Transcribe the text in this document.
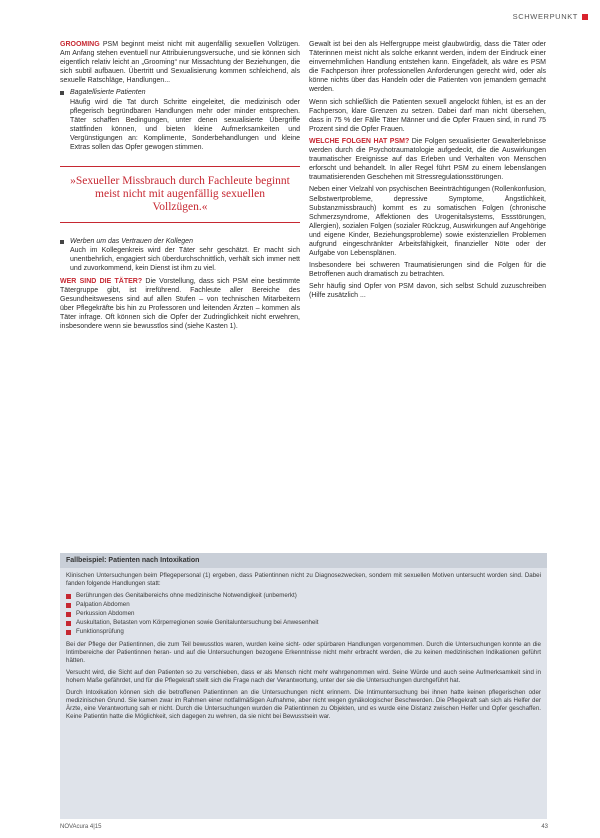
SCHWERPUNKT

GROOMING PSM beginnt meist nicht mit augenfällig sexuellen Vollzügen. Am Anfang stehen eventuell nur Attribuierungsversuche, und sie können sich eigentlich relativ leicht an „Grooming“ nur Missachtung der Beziehungen, die sich subtil aufbauen. Übertritt und Sexualisierung kommen schleichend, als sexuelle Ratschläge, Handlungen...

Bagatellisierte Patienten
Häufig wird die Tat durch Schritte eingeleitet, die medizinisch oder pflegerisch begründbaren Handlungen mehr oder minder entsprechen. Täter schaffen Bedingungen, unter denen sexualisierte Übergriffe stattfinden können, und bieten kleine Aufmerksamkeiten und Vergünstigungen an: Komplimente, Sonderbehandlungen und kleine Extras sollen das Opfer gewogen stimmen.
»Sexueller Missbrauch durch Fachleute beginnt meist nicht mit augenfällig sexuellen Vollzügen.«
Werben um das Vertrauen der Kollegen
Auch im Kollegenkreis wird der Täter sehr geschätzt. Er macht sich unentbehrlich, engagiert sich überdurchschnittlich, verhält sich immer nett und zuvorkommend, kein Dienst ist ihm zu viel.

WER SIND DIE TÄTER? Die Vorstellung, dass sich PSM eine bestimmte Tätergruppe gibt, ist irreführend. Fachleute aller Bereiche des Gesundheitswesens sind auf allen Stufen – von technischen Mitarbeitern über Pflegekräfte bis hin zu Professoren und leitenden Ärzten – kommen als Täter infrage. Oft können sich die Opfer der Zudringlichkeit nicht erwehren, insbesondere wenn sie bewusstlos sind (siehe Kasten 1).

Gewalt ist bei den als Helfergruppe meist glaubwürdig, dass die Täter oder Täterinnen meist nicht als solche erkannt werden, indem der Eindruck einer einvernehmlichen Handlung entstehen kann. Eingefädelt, als wäre es PSM die Fachperson ihrer professionellen Anforderungen gerecht wird, oder als könne nichts über das Handeln oder die Patienten von jemandem gemacht werden.

Wenn sich schließlich die Patienten sexuell angelockt fühlen, ist es an der Fachperson, klare Grenzen zu setzen. Dabei darf man nicht übersehen, dass in 75 % der Fälle Täter Männer und die Opfer Frauen sind, in rund 75 Prozent sind die Opfer Frauen.

WELCHE FOLGEN HAT PSM? Die Folgen sexualisierter Gewalterlebnisse werden durch die Psychotraumatologie aufgedeckt, die die Auswirkungen traumatischer Ereignisse auf das Erleben und Verhalten von Menschen erforscht und behandelt. In aller Regel führt PSM zu einem lebenslangen traumatisierenden Geschehen mit Stressregulationsstörungen.

Neben einer Vielzahl von psychischen Beeinträchtigungen (Rollenkonfusion, Selbstwertprobleme, depressive Symptome, Ängstlichkeit, Substanzmissbrauch) kommt es zu somatischen Folgen (chronische Schmerzsyndrome, Affektionen des Urogenitalsystems, Essstörungen, Allergien), sozialen Folgen (sozialer Rückzug, Auswirkungen auf Angehörige und eigene Kinder, Beziehungsprobleme) sowie existenziellen Problemen aufgrund eingeschränkter Arbeitsfähigkeit, finanzieller Nöte oder der Aufgabe von Lebensplänen.

Insbesondere bei schweren Traumatisierungen sind die Folgen für die Betroffenen auch dramatisch zu betrachten.

Sehr häufig sind Opfer von PSM davon, sich selbst Schuld zuzuschreiben (Hilfe zusätzlich ...

Fallbeispiel: Patienten nach Intoxikation

Klinischen Untersuchungen beim Pflegepersonal (1) ergeben, dass Patientinnen nicht zu Diagnosezwecken, sondern mit sexuellen Motiven untersucht worden sind. Dabei fanden folgende Handlungen statt:

Berührungen des Genitalbereichs ohne medizinische Notwendigkeit (unbemerkt)
Palpation Abdomen
Perkussion Abdomen
Auskultation, Betasten vom Körperregionen sowie Genitaluntersuchung bei Anwesenheit
Funktionsprüfung

Bei der Pflege der Patientinnen, die zum Teil bewusstlos waren, wurden keine sicht- oder spürbaren Handlungen vorgenommen. Durch die Untersuchungen konnte an die Intimbereiche der Patientinnen heran- und auf die Untersuchungen bezogene Erkenntnisse nicht mehr erbracht werden, die zu keinen medizinischen Indikationen geführt hätten.

Versucht wird, die Sicht auf den Patienten so zu verschieben, dass er als Mensch nicht mehr wahrgenommen wird. Seine Würde und auch seine Aufmerksamkeit sind in hohem Maße gefährdet, und für die Pflegekraft stellt sich die Frage nach der Verantwortung, unter der sie die Untersuchungen durchgeführt hat.

Durch Intoxikation können sich die betroffenen Patientinnen an die Untersuchungen nicht erinnern. Die Intimuntersuchung bei ihnen hatte keinen pflegerischen oder medizinischen Grund. Sie kamen zwar im Rahmen einer notfallmäßigen Aufnahme, aber nicht wegen gynäkologischer Beschwerden. Die Pflegekraft sah sich als Helfer der Ärzte, eine Verantwortung sah er nicht. Durch die Untersuchungen wurden die Patientinnen zu Objekten, und es wurde eine Distanz zwischen Helfer und Opfer geschaffen. Keine Patientin hatte die Möglichkeit, sich dagegen zu wehren, da sie nicht bei Bewusstsein war.

NOVAcura 4|15	43
